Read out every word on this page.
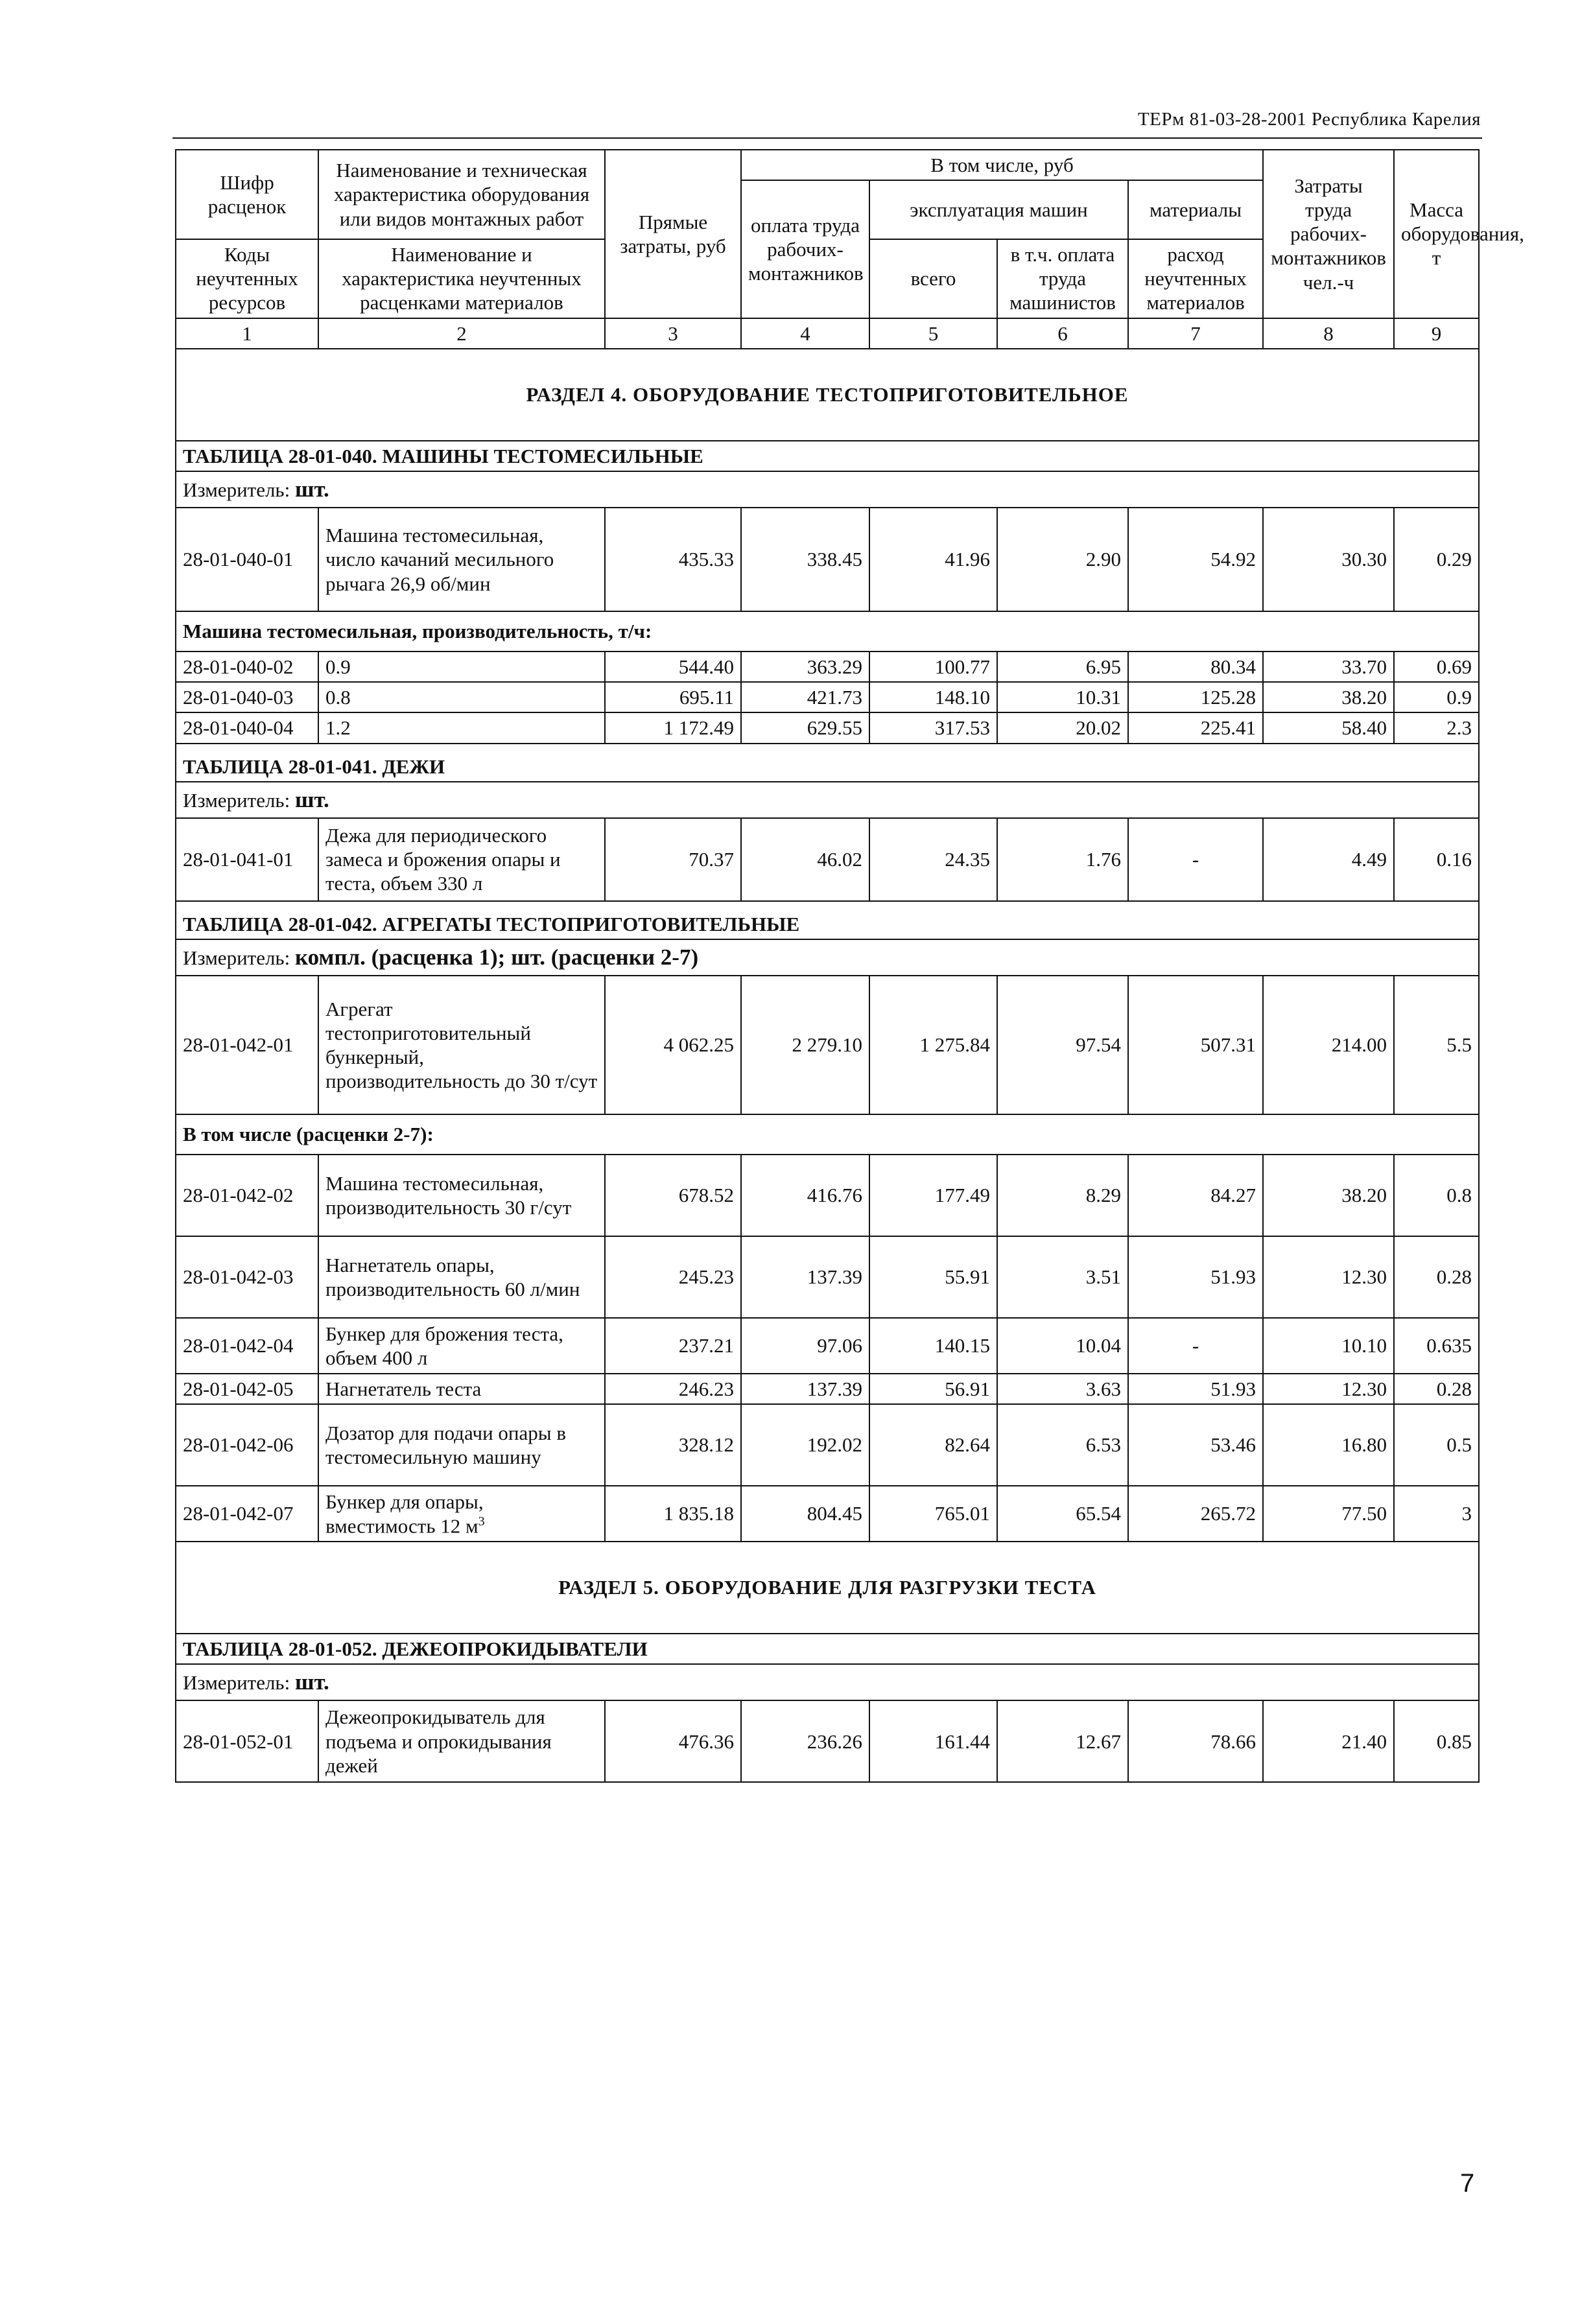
ТЕРм 81-03-28-2001 Республика Карелия
Шифр расценок	Наименование и техническая характеристика оборудования или видов монтажных работ	Прямые затраты, руб	В том числе, руб				Затраты труда рабочих-монтажников чел.-ч	Масса оборудования, т
			оплата труда рабочих-монтажников	эксплуатация машин		материалы		
Коды неучтенных ресурсов	Наименование и характеристика неучтенных расценками материалов			всего	в т.ч. оплата труда машинистов	расход неучтенных материалов		

1	2	3	4	5	6	7	8	9
РАЗДЕЛ 4. ОБОРУДОВАНИЕ ТЕСТОПРИГОТОВИТЕЛЬНОЕ								
ТАБЛИЦА 28-01-040. МАШИНЫ ТЕСТОМЕСИЛЬНЫЕ								
Измеритель: шт.								
28-01-040-01	Машина тестомесильная, число качаний месильного рычага 26,9 об/мин	435.33	338.45	41.96	2.90	54.92	30.30	0.29
Машина тестомесильная, производительность, т/ч:								
28-01-040-02	0.9	544.40	363.29	100.77	6.95	80.34	33.70	0.69
28-01-040-03	0.8	695.11	421.73	148.10	10.31	125.28	38.20	0.9
28-01-040-04	1.2	1 172.49	629.55	317.53	20.02	225.41	58.40	2.3
ТАБЛИЦА 28-01-041. ДЕЖИ								
Измеритель: шт.								
28-01-041-01	Дежа для периодического замеса и брожения опары и теста, объем 330 л	70.37	46.02	24.35	1.76	-	4.49	0.16
ТАБЛИЦА 28-01-042. АГРЕГАТЫ ТЕСТОПРИГОТОВИТЕЛЬНЫЕ								
Измеритель: компл. (расценка 1); шт. (расценки 2-7)								
28-01-042-01	Агрегат тестоприготовительный бункерный, производительность до 30 т/сут	4 062.25	2 279.10	1 275.84	97.54	507.31	214.00	5.5
В том числе (расценки 2-7):								
28-01-042-02	Машина тестомесильная, производительность 30 г/сут	678.52	416.76	177.49	8.29	84.27	38.20	0.8
28-01-042-03	Нагнетатель опары, производительность 60 л/мин	245.23	137.39	55.91	3.51	51.93	12.30	0.28
28-01-042-04	Бункер для брожения теста, объем 400 л	237.21	97.06	140.15	10.04	-	10.10	0.635
28-01-042-05	Нагнетатель теста	246.23	137.39	56.91	3.63	51.93	12.30	0.28
28-01-042-06	Дозатор для подачи опары в тестомесильную машину	328.12	192.02	82.64	6.53	53.46	16.80	0.5
28-01-042-07	Бункер для опары, вместимость 12 $м^3$	1 835.18	804.45	765.01	65.54	265.72	77.50	3
РАЗДЕЛ 5. ОБОРУДОВАНИЕ ДЛЯ РАЗГРУЗКИ ТЕСТА								
ТАБЛИЦА 28-01-052. ДЕЖЕОПРОКИДЫВАТЕЛИ								
Измеритель: шт.								
28-01-052-01	Дежеопрокидыватель для подъема и опрокидывания дежей	476.36	236.26	161.44	12.67	78.66	21.40	0.85
7
